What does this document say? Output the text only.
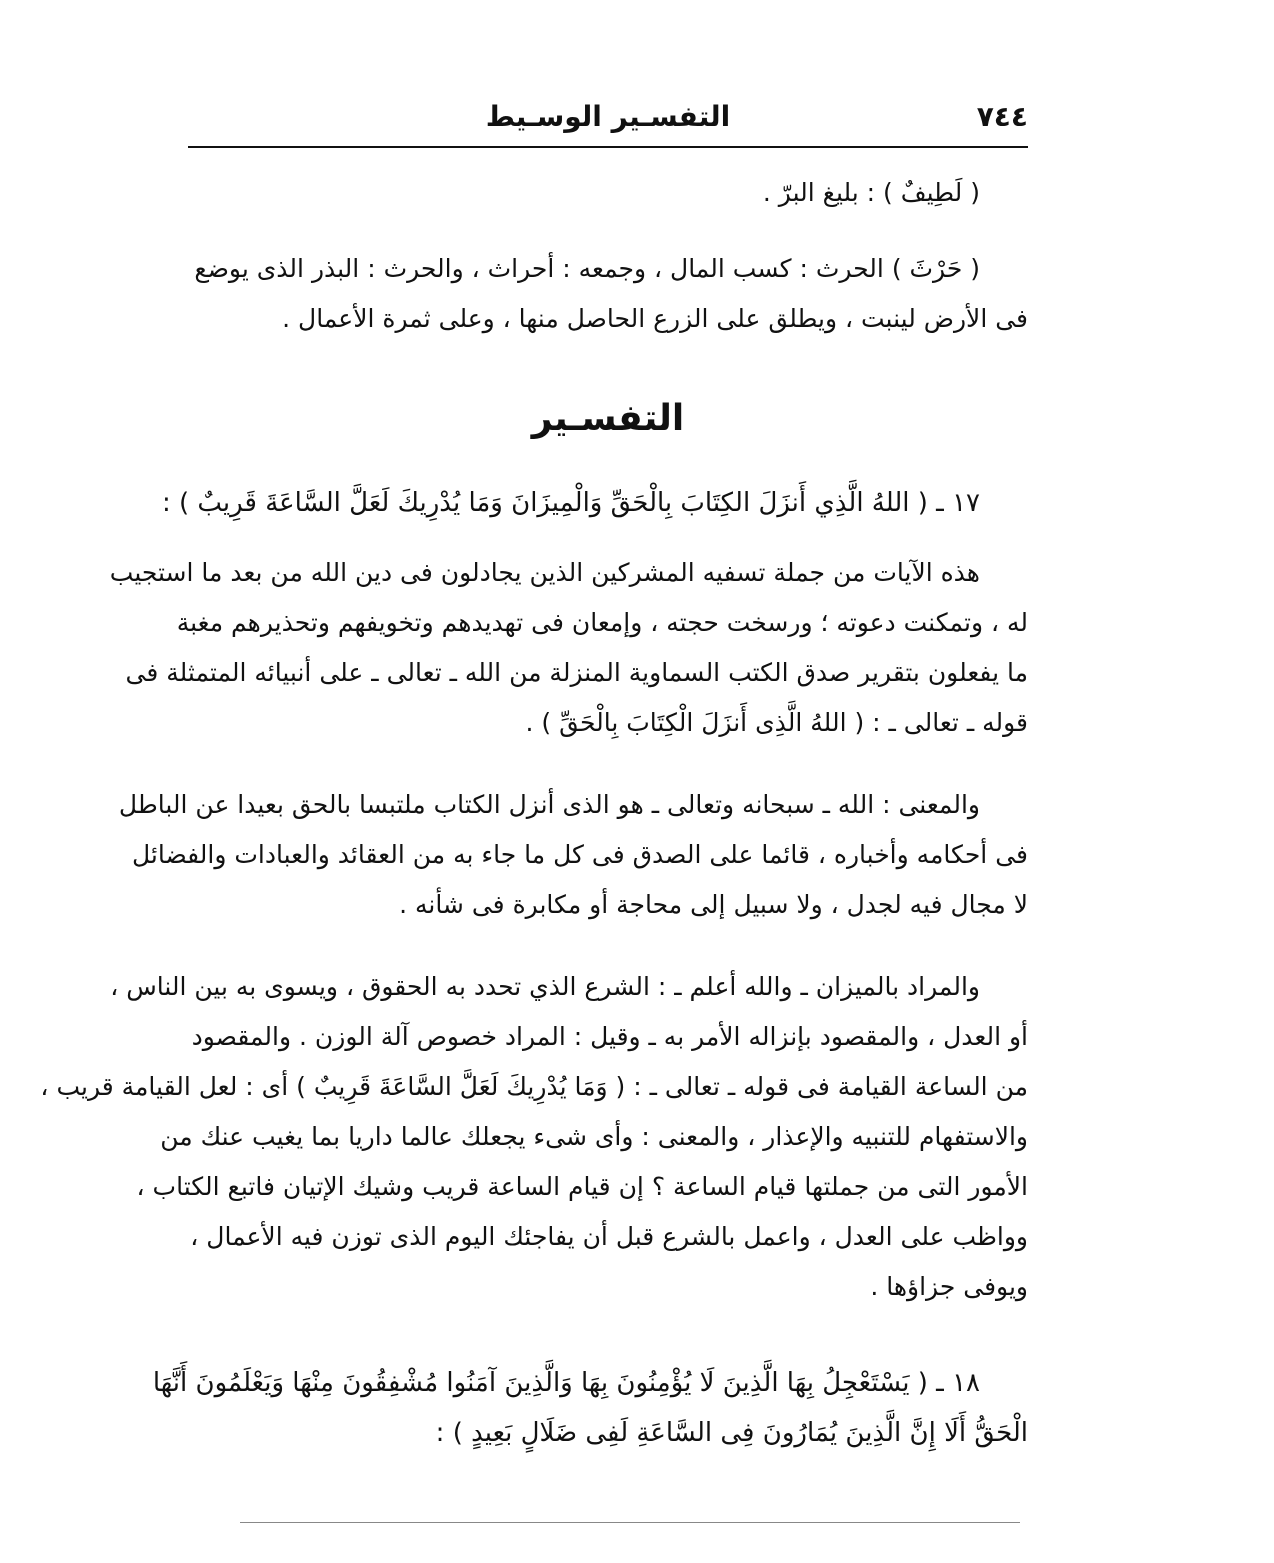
٧٤٤
التفسـير الوسـيط
( لَطِيفٌ ) : بليغ البرّ .
( حَرْثَ ) الحرث : كسب المال ، وجمعه : أحراث ، والحرث : البذر الذى يوضع
فى الأرض لينبت ، ويطلق على الزرع الحاصل منها ، وعلى ثمرة الأعمال .
التفسـير
١٧ ـ ( اللهُ الَّذِي أَنزَلَ الكِتَابَ بِالْحَقِّ وَالْمِيزَانَ وَمَا يُدْرِيكَ لَعَلَّ السَّاعَةَ قَرِيبٌ ) :
هذه الآيات من جملة تسفيه المشركين الذين يجادلون فى دين الله من بعد ما استجيب
له ، وتمكنت دعوته ؛ ورسخت حجته ، وإمعان فى تهديدهم وتخويفهم وتحذيرهم مغبة
ما يفعلون بتقرير صدق الكتب السماوية المنزلة من الله ـ تعالى ـ على أنبيائه المتمثلة فى
قوله ـ تعالى ـ : ( اللهُ الَّذِى أَنزَلَ الْكِتَابَ بِالْحَقِّ ) .
والمعنى : الله ـ سبحانه وتعالى ـ هو الذى أنزل الكتاب ملتبسا بالحق بعيدا عن الباطل
فى أحكامه وأخباره ، قائما على الصدق فى كل ما جاء به من العقائد والعبادات والفضائل
لا مجال فيه لجدل ، ولا سبيل إلى محاجة أو مكابرة فى شأنه .
والمراد بالميزان ـ والله أعلم ـ : الشرع الذي تحدد به الحقوق ، ويسوى به بين الناس ،
أو العدل ، والمقصود بإنزاله الأمر به ـ وقيل : المراد خصوص آلة الوزن . والمقصود
من الساعة القيامة فى قوله ـ تعالى ـ : ( وَمَا يُدْرِيكَ لَعَلَّ السَّاعَةَ قَرِيبٌ ) أى : لعل القيامة قريب ،
والاستفهام للتنبيه والإعذار ، والمعنى : وأى شىء يجعلك عالما داريا بما يغيب عنك من
الأمور التى من جملتها قيام الساعة ؟ إن قيام الساعة قريب وشيك الإتيان فاتبع الكتاب ،
وواظب على العدل ، واعمل بالشرع قبل أن يفاجئك اليوم الذى توزن فيه الأعمال ،
ويوفى جزاؤها .
١٨ ـ ( يَسْتَعْجِلُ بِهَا الَّذِينَ لَا يُؤْمِنُونَ بِهَا وَالَّذِينَ آمَنُوا مُشْفِقُونَ مِنْهَا وَيَعْلَمُونَ أَنَّهَا
الْحَقُّ أَلَا إِنَّ الَّذِينَ يُمَارُونَ فِى السَّاعَةِ لَفِى ضَلَالٍ بَعِيدٍ ) :
